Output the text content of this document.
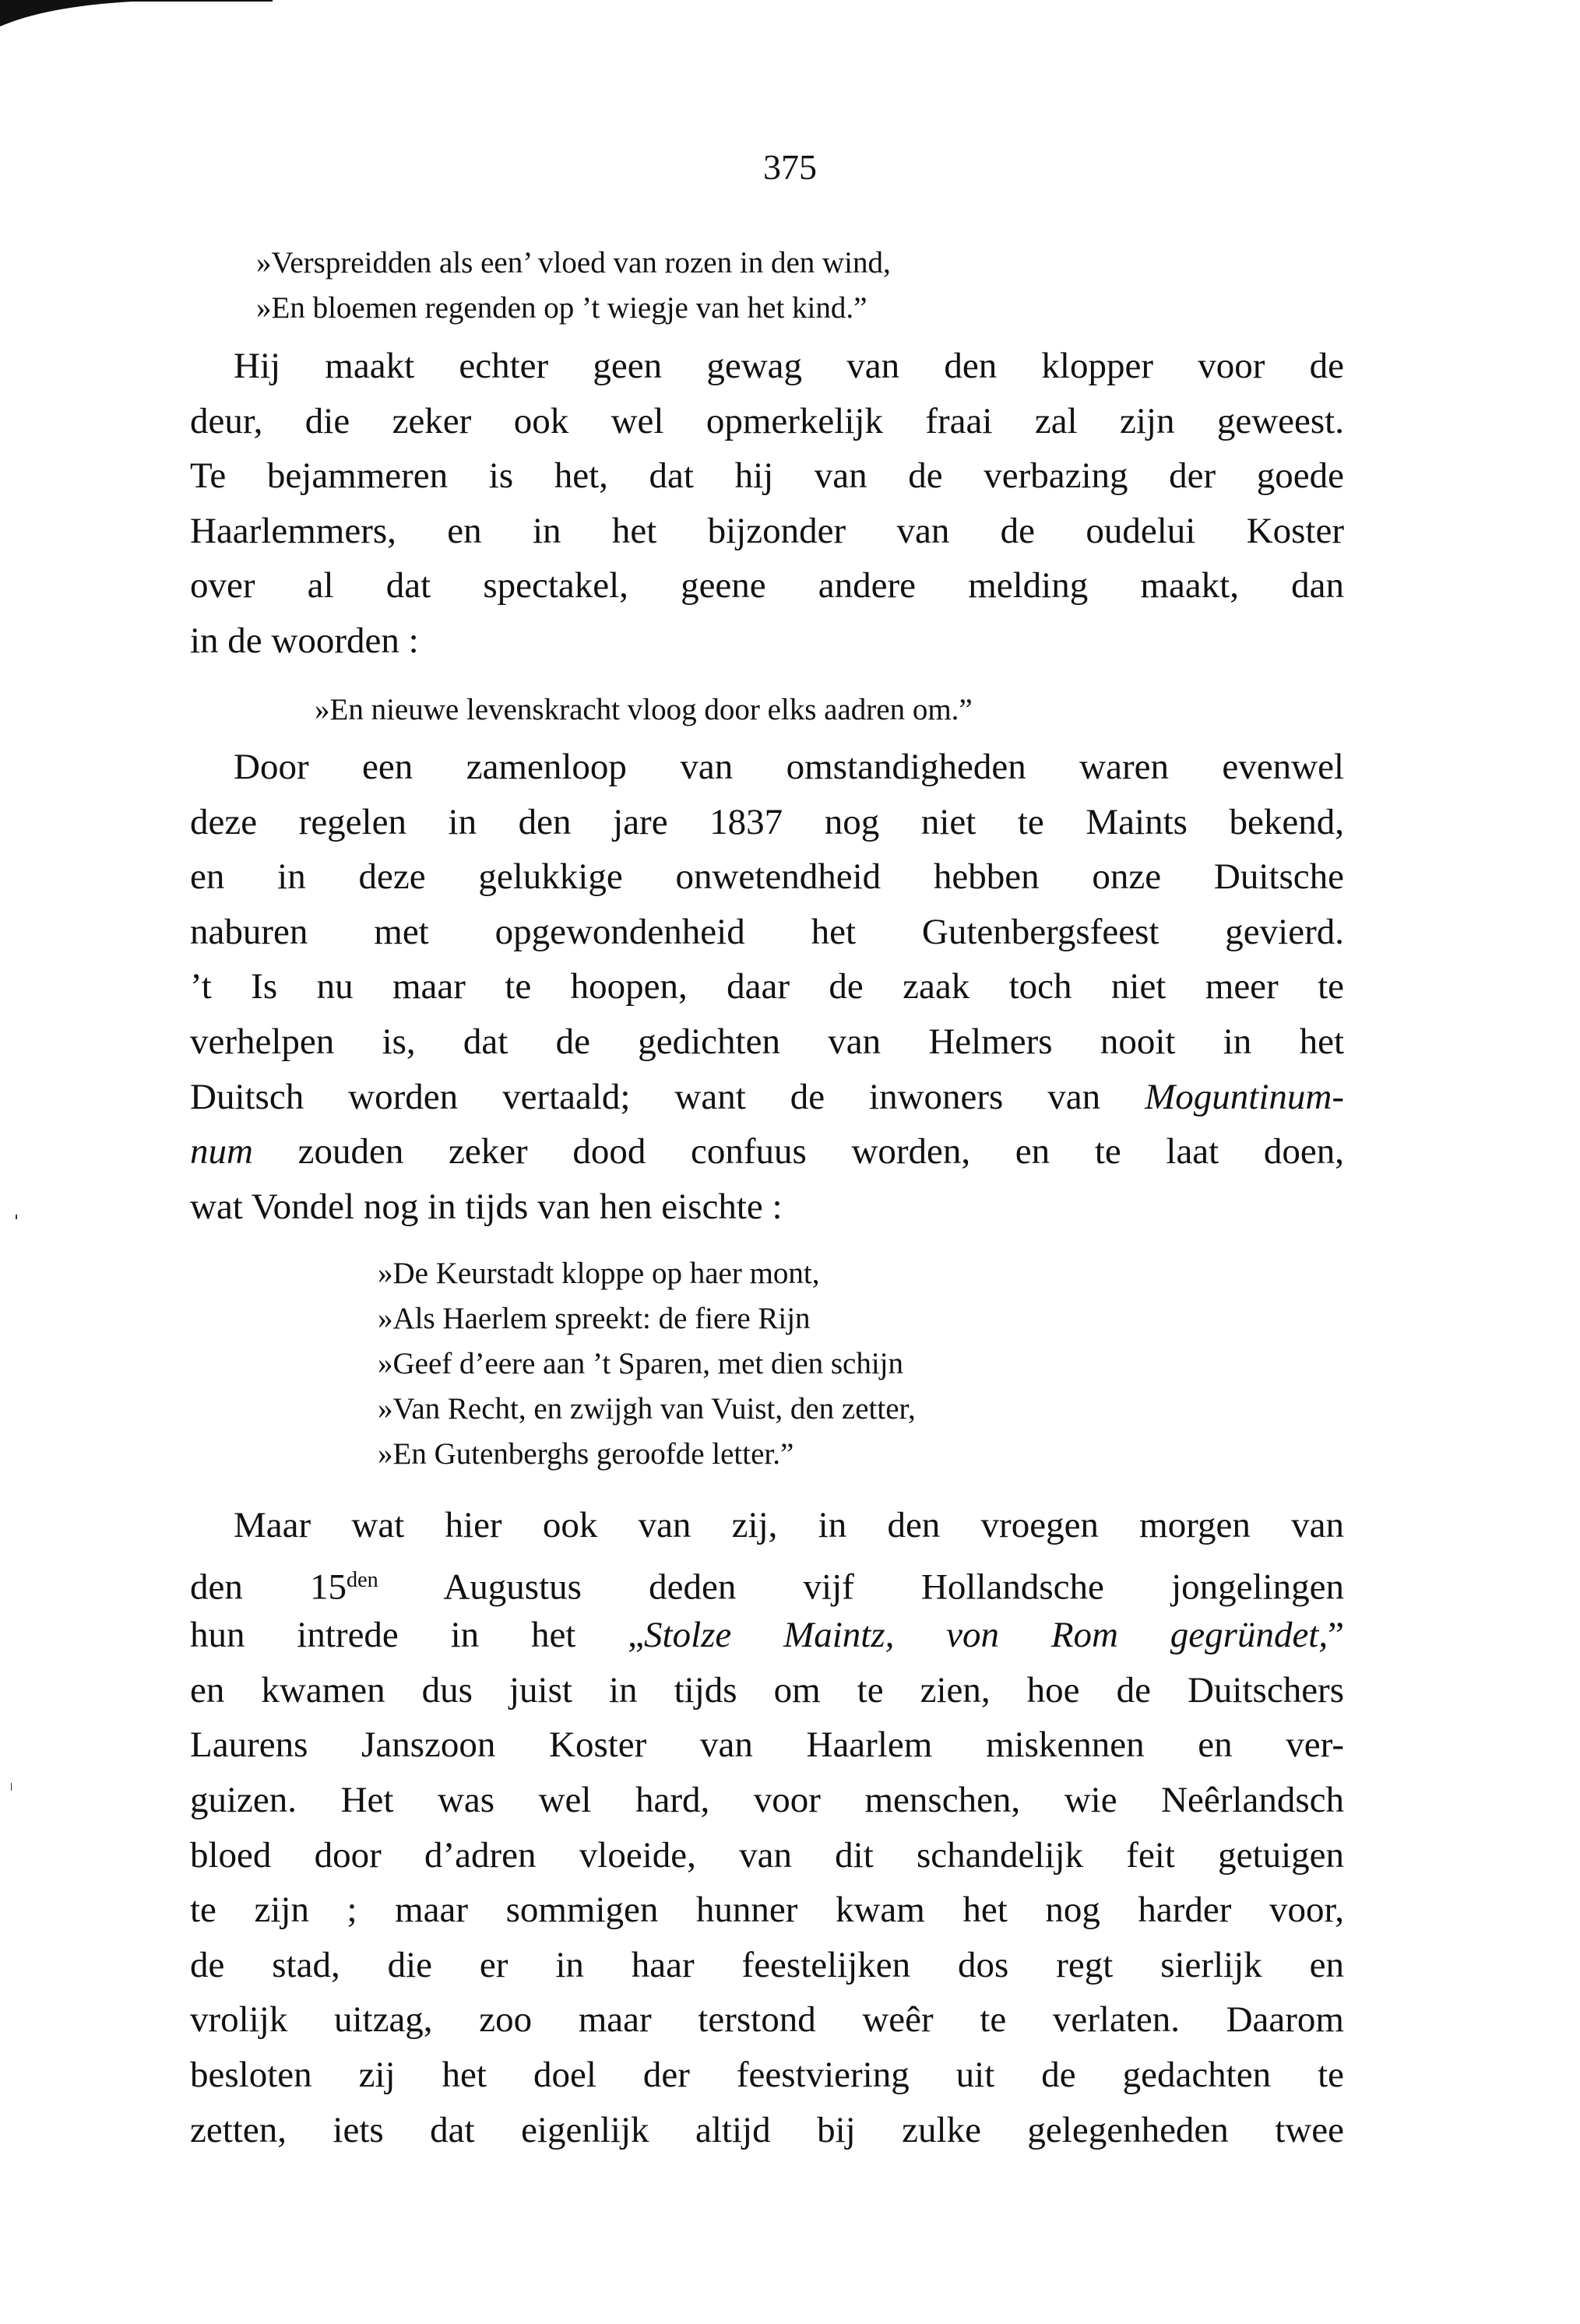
375
»Verspreidden als een’ vloed van rozen in den wind,
»En bloemen regenden op ’t wiegje van het kind.”
Hij maakt echter geen gewag van den klopper voor de
deur, die zeker ook wel opmerkelijk fraai zal zijn geweest.
Te bejammeren is het, dat hij van de verbazing der goede
Haarlemmers, en in het bijzonder van de oudelui Koster
over al dat spectakel, geene andere melding maakt, dan
in de woorden :
»En nieuwe levenskracht vloog door elks aadren om.”
Door een zamenloop van omstandigheden waren evenwel
deze regelen in den jare 1837 nog niet te Maints bekend,
en in deze gelukkige onwetendheid hebben onze Duitsche
naburen met opgewondenheid het Gutenbergsfeest gevierd.
’t Is nu maar te hoopen, daar de zaak toch niet meer te
verhelpen is, dat de gedichten van Helmers nooit in het
Duitsch worden vertaald; want de inwoners van Moguntinum-
num zouden zeker dood confuus worden, en te laat doen,
wat Vondel nog in tijds van hen eischte :
»De Keurstadt kloppe op haer mont,
»Als Haerlem spreekt: de fiere Rijn
»Geef d’eere aan ’t Sparen, met dien schijn
»Van Recht, en zwijgh van Vuist, den zetter,
»En Gutenberghs geroofde letter.”
Maar wat hier ook van zij, in den vroegen morgen van
den $15^{den}$ Augustus deden vijf Hollandsche jongelingen
hun intrede in het „Stolze Maintz, von Rom gegründet,”
en kwamen dus juist in tijds om te zien, hoe de Duitschers
Laurens Janszoon Koster van Haarlem miskennen en ver-
guizen. Het was wel hard, voor menschen, wie Neêrlandsch
bloed door d’adren vloeide, van dit schandelijk feit getuigen
te zijn ; maar sommigen hunner kwam het nog harder voor,
de stad, die er in haar feestelijken dos regt sierlijk en
vrolijk uitzag, zoo maar terstond weêr te verlaten. Daarom
besloten zij het doel der feestviering uit de gedachten te
zetten, iets dat eigenlijk altijd bij zulke gelegenheden twee
